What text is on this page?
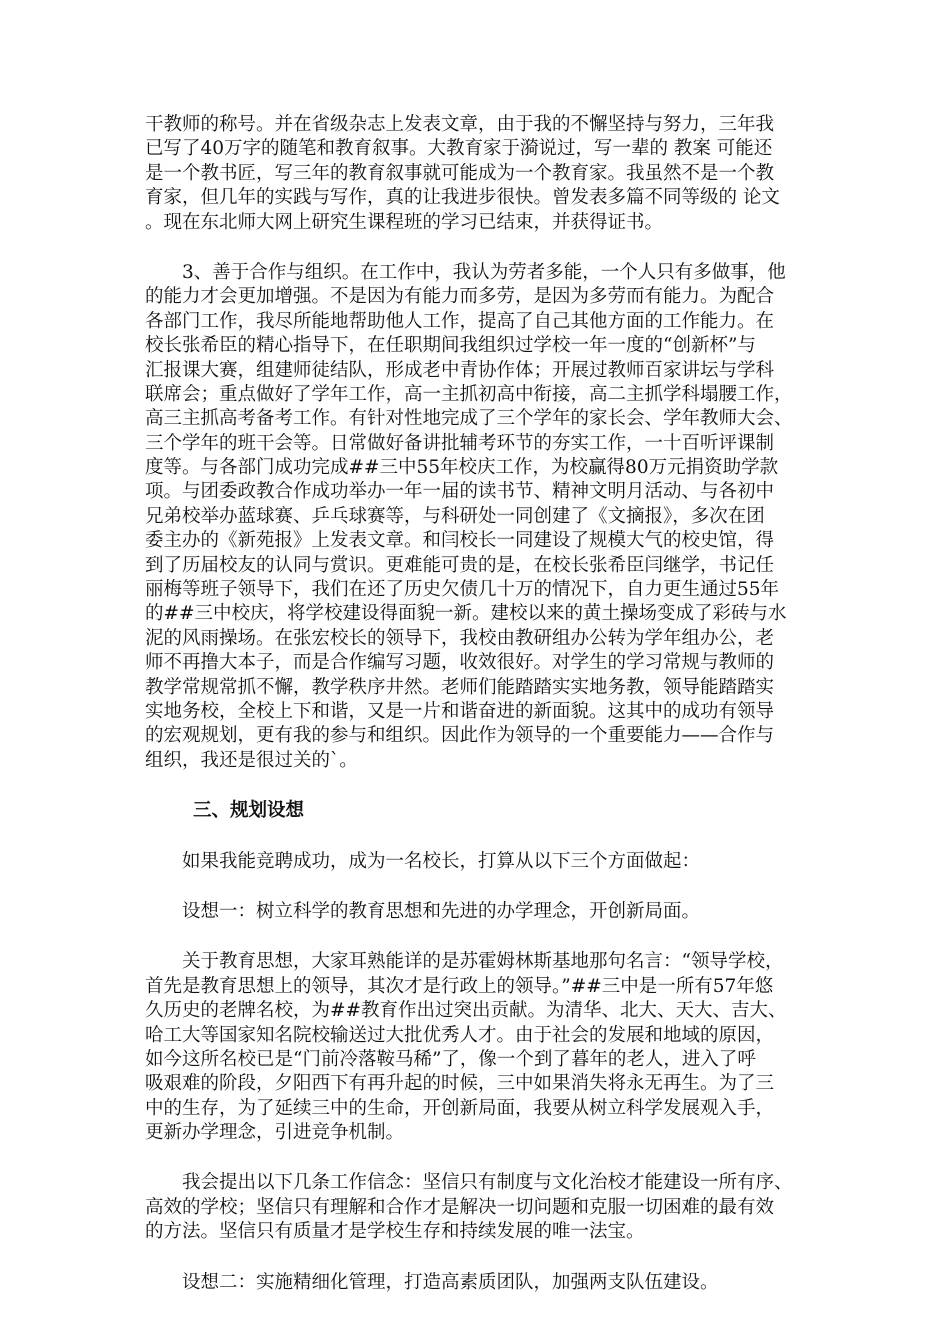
干教师的称号。并在省级杂志上发表文章，由于我的不懈坚持与努力，三年我
已写了40万字的随笔和教育叙事。大教育家于漪说过，写一辈的 教案 可能还
是一个教书匠，写三年的教育叙事就可能成为一个教育家。我虽然不是一个教
育家，但几年的实践与写作，真的让我进步很快。曾发表多篇不同等级的 论文
。现在东北师大网上研究生课程班的学习已结束，并获得证书。
　　3、善于合作与组织。在工作中，我认为劳者多能，一个人只有多做事，他
的能力才会更加增强。不是因为有能力而多劳，是因为多劳而有能力。为配合
各部门工作，我尽所能地帮助他人工作，提高了自己其他方面的工作能力。在
校长张希臣的精心指导下，在任职期间我组织过学校一年一度的“创新杯”与
汇报课大赛，组建师徒结队，形成老中青协作体；开展过教师百家讲坛与学科
联席会；重点做好了学年工作，高一主抓初高中衔接，高二主抓学科塌腰工作，
高三主抓高考备考工作。有针对性地完成了三个学年的家长会、学年教师大会、
三个学年的班干会等。日常做好备讲批辅考环节的夯实工作，一十百听评课制
度等。与各部门成功完成##三中55年校庆工作，为校赢得80万元捐资助学款
项。与团委政教合作成功举办一年一届的读书节、精神文明月活动、与各初中
兄弟校举办蓝球赛、乒乓球赛等，与科研处一同创建了《文摘报》，多次在团
委主办的《新苑报》上发表文章。和闫校长一同建设了规模大气的校史馆，得
到了历届校友的认同与赏识。更难能可贵的是，在校长张希臣闫继学，书记任
丽梅等班子领导下，我们在还了历史欠债几十万的情况下，自力更生通过55年
的##三中校庆，将学校建设得面貌一新。建校以来的黄土操场变成了彩砖与水
泥的风雨操场。在张宏校长的领导下，我校由教研组办公转为学年组办公，老
师不再撸大本子，而是合作编写习题，收效很好。对学生的学习常规与教师的
教学常规常抓不懈，教学秩序井然。老师们能踏踏实实地务教，领导能踏踏实
实地务校，全校上下和谐，又是一片和谐奋进的新面貌。这其中的成功有领导
的宏观规划，更有我的参与和组织。因此作为领导的一个重要能力——合作与
组织，我还是很过关的`。
三、规划设想
　　如果我能竞聘成功，成为一名校长，打算从以下三个方面做起：
　　设想一：树立科学的教育思想和先进的办学理念，开创新局面。
　　关于教育思想，大家耳熟能详的是苏霍姆林斯基地那句名言：“领导学校，
首先是教育思想上的领导，其次才是行政上的领导。”##三中是一所有57年悠
久历史的老牌名校，为##教育作出过突出贡献。为清华、北大、天大、吉大、
哈工大等国家知名院校输送过大批优秀人才。由于社会的发展和地域的原因，
如今这所名校已是“门前冷落鞍马稀”了，像一个到了暮年的老人，进入了呼
吸艰难的阶段，夕阳西下有再升起的时候，三中如果消失将永无再生。为了三
中的生存，为了延续三中的生命，开创新局面，我要从树立科学发展观入手，
更新办学理念，引进竞争机制。
　　我会提出以下几条工作信念：坚信只有制度与文化治校才能建设一所有序、
高效的学校；坚信只有理解和合作才是解决一切问题和克服一切困难的最有效
的方法。坚信只有质量才是学校生存和持续发展的唯一法宝。
　　设想二：实施精细化管理，打造高素质团队，加强两支队伍建设。
